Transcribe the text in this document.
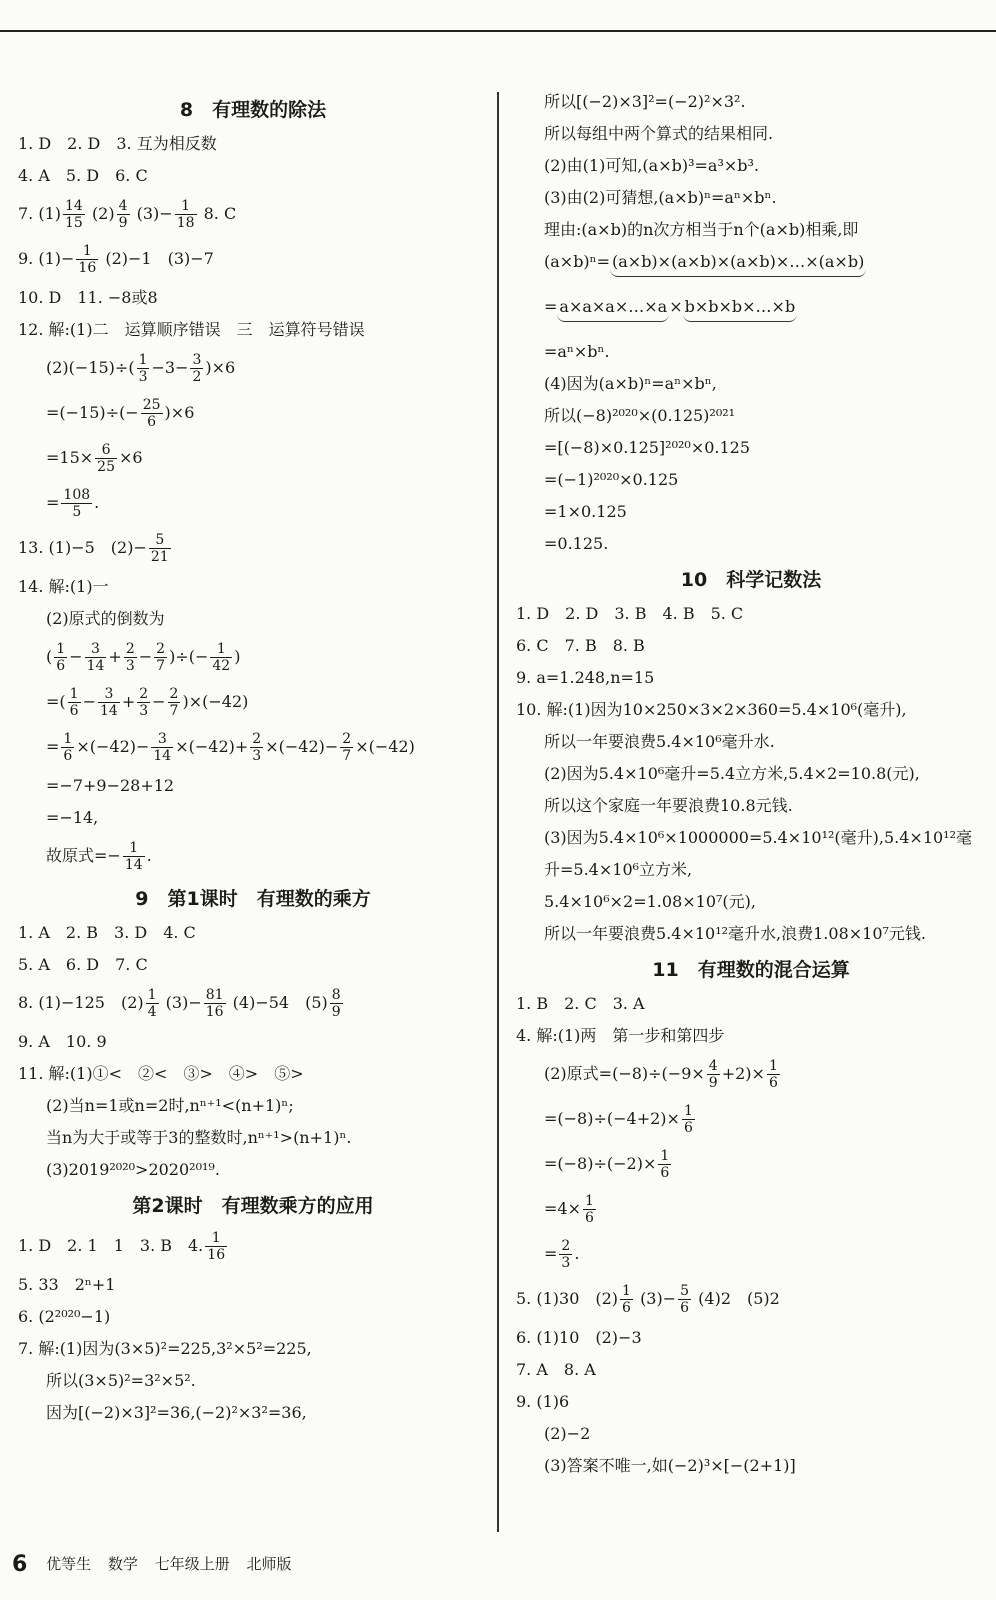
8　有理数的除法
1. D　2. D　3. 互为相反数
4. A　5. D　6. C
7. $(1) \frac{14}{15} (2) \frac{4}{9} (3)- \frac{1}{18} 8$. C
9. $(1)- \frac{1}{16} (2)-1$　(3)−7
10. D　11. −8或8
12. 解:(1)二　运算顺序错误　三　运算符号错误
$(2)(-15)\div( \frac{1}{3} -3- \frac{3}{2} )\times 6$
$=(-15)\div(- \frac{25}{6} )\times 6$
$=15\times \frac{6}{25} \times 6$
= $\frac{108}{5}$ .
13. (1)−5　$(2)- \frac{5}{21}$
14. 解:(1)一
(2)原式的倒数为
( $\frac{1}{6} - \frac{3}{14} + \frac{2}{3} - \frac{2}{7}$ )÷(− $\frac{1}{42}$ )
=( $\frac{1}{6} - \frac{3}{14} + \frac{2}{3} - \frac{2}{7} )\times(-42)$
= $\frac{1}{6} \times(-42)- \frac{3}{14} \times(-42)+ \frac{2}{3} \times(-42)- \frac{2}{7} \times(-42)$
=−7+9−28+12
=−14,
故原式=− $\frac{1}{14}$ .
9　第1课时　有理数的乘方
1. A　2. B　3. D　4. C
5. A　6. D　7. C
8. (1)−125　$(2) \frac{1}{4} (3)- \frac{81}{16} (4)-54$　$(5) \frac{8}{9}$
9. A　10. 9
11. 解:(1)①<　②<　③>　④>　⑤>
(2)当n=1或n=2时,nⁿ⁺¹<(n+1)ⁿ;
当n为大于或等于3的整数时,nⁿ⁺¹>(n+1)ⁿ.
(3)2019²⁰²⁰>2020²⁰¹⁹.
第2课时　有理数乘方的应用
1. D　2. 1　1　3. B　4. $\frac{1}{16}$
5. 33　2ⁿ+1
6. (2²⁰²⁰−1)
7. 解:(1)因为(3×5)²=225,3²×5²=225,
所以(3×5)²=3²×5².
因为[(−2)×3]²=36,(−2)²×3²=36,
所以[(−2)×3]²=(−2)²×3².
所以每组中两个算式的结果相同.
(2)由(1)可知,(a×b)³=a³×b³.
(3)由(2)可猜想,(a×b)ⁿ=aⁿ×bⁿ.
理由:(a×b)的n次方相当于n个(a×b)相乘,即
(a×b)ⁿ= (a×b)×(a×b)×(a×b)×…×(a×b)
= a×a×a×…×a × b×b×b×…×b
=aⁿ×bⁿ.
(4)因为(a×b)ⁿ=aⁿ×bⁿ,
所以(−8)²⁰²⁰×(0.125)²⁰²¹
=[(−8)×0.125]²⁰²⁰×0.125
=(−1)²⁰²⁰×0.125
=1×0.125
=0.125.
10　科学记数法
1. D　2. D　3. B　4. B　5. C
6. C　7. B　8. B
9. a=1.248,n=15
10. 解:(1)因为10×250×3×2×360=5.4×10⁶(毫升),
所以一年要浪费5.4×10⁶毫升水.
(2)因为5.4×10⁶毫升=5.4立方米,5.4×2=10.8(元),
所以这个家庭一年要浪费10.8元钱.
(3)因为5.4×10⁶×1000000=5.4×10¹²(毫升),5.4×10¹²毫
升=5.4×10⁶立方米,
5.4×10⁶×2=1.08×10⁷(元),
所以一年要浪费5.4×10¹²毫升水,浪费1.08×10⁷元钱.
11　有理数的混合运算
1. B　2. C　3. A
4. 解:(1)两　第一步和第四步
(2)原式$=(-8)\div(-9\times \frac{4}{9} +2)\times \frac{1}{6}$
$=(-8)\div(-4+2)\times \frac{1}{6}$
$=(-8)\div(-2)\times \frac{1}{6}$
$=4\times \frac{1}{6}$
= $\frac{2}{3}$ .
5. (1)30　$(2) \frac{1}{6} (3)- \frac{5}{6} (4)2$　(5)2
6. (1)10　(2)−3
7. A　8. A
9. (1)6
(2)−2
(3)答案不唯一,如(−2)³×[−(2+1)]
6 优等生 数学 七年级上册 北师版
